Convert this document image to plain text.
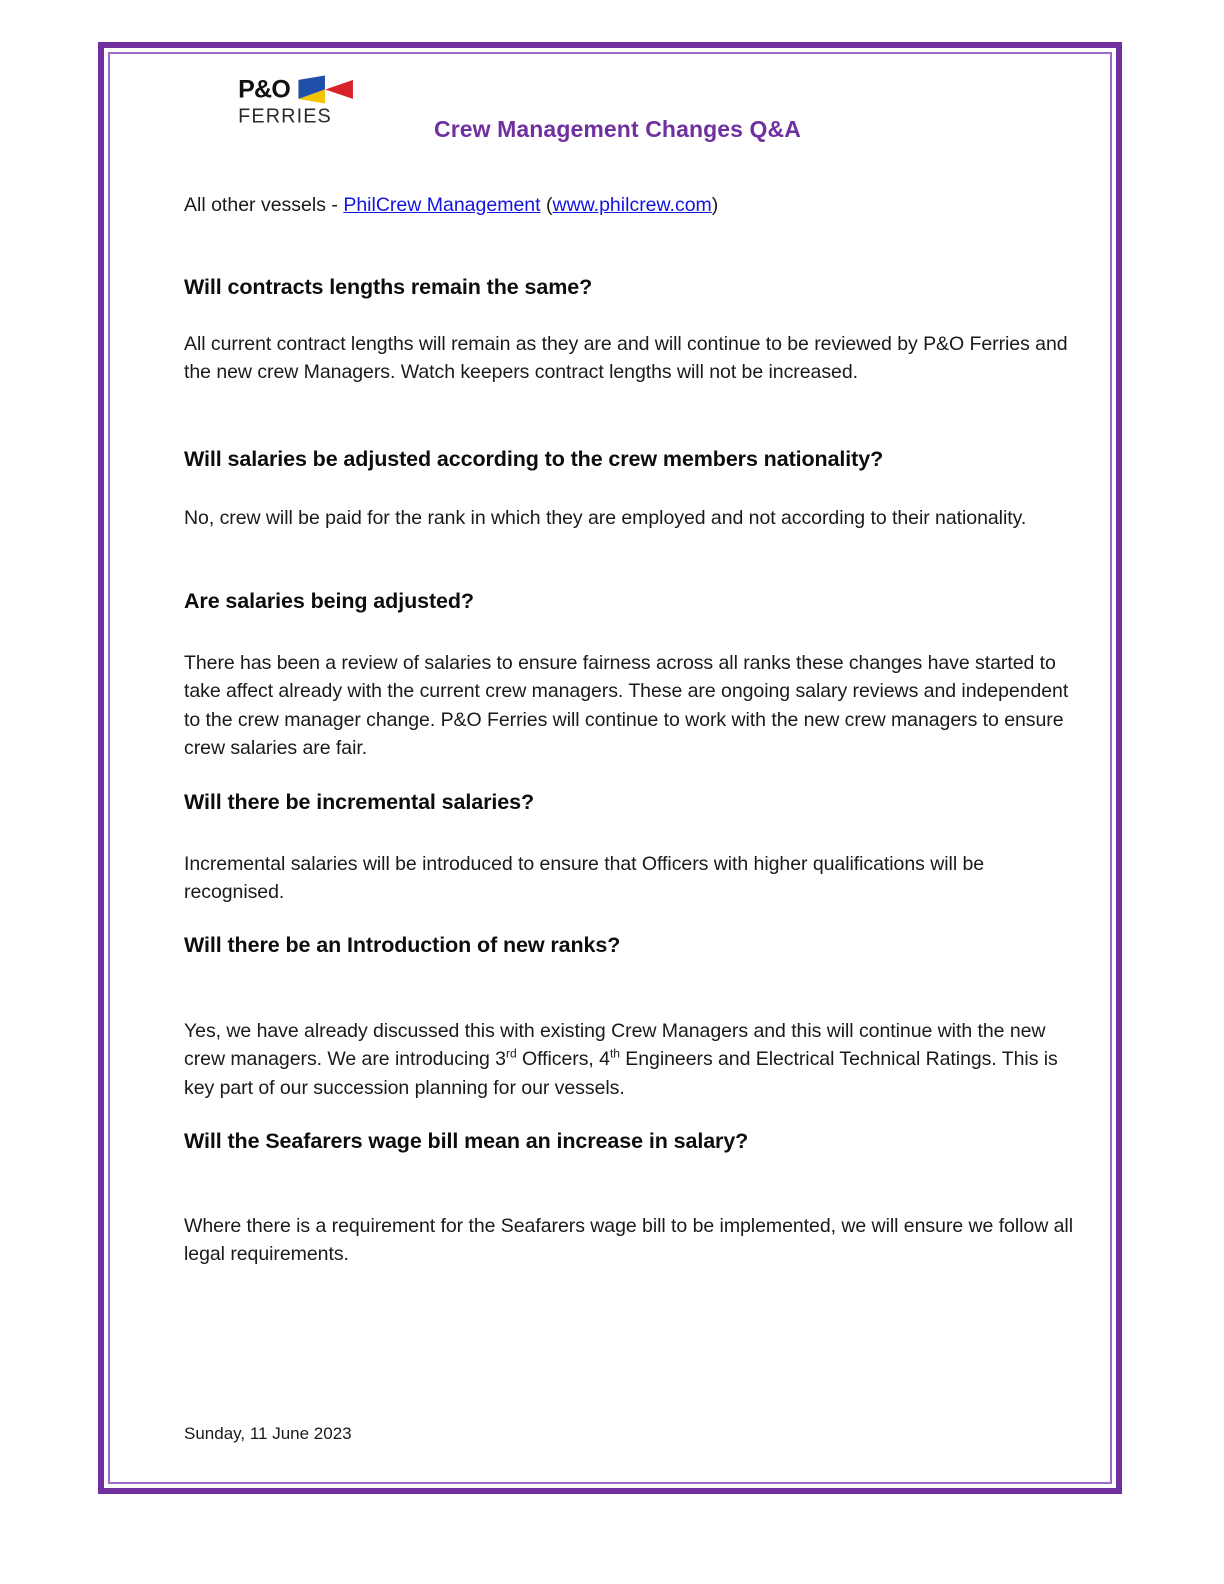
P&O
FERRIES	Crew Management Changes Q&A
All other vessels - PhilCrew Management (www.philcrew.com)
Will contracts lengths remain the same?

All current contract lengths will remain as they are and will continue to be reviewed by P&O Ferries and the new crew Managers. Watch keepers contract lengths will not be increased.

Will salaries be adjusted according to the crew members nationality?

No, crew will be paid for the rank in which they are employed and not according to their nationality.

Are salaries being adjusted?

There has been a review of salaries to ensure fairness across all ranks these changes have started to take affect already with the current crew managers. These are ongoing salary reviews and independent to the crew manager change. P&O Ferries will continue to work with the new crew managers to ensure crew salaries are fair.

Will there be incremental salaries?

Incremental salaries will be introduced to ensure that Officers with higher qualifications will be recognised.

Will there be an Introduction of new ranks?

Yes, we have already discussed this with existing Crew Managers and this will continue with the new crew managers. We are introducing 3rd Officers, 4th Engineers and Electrical Technical Ratings. This is key part of our succession planning for our vessels.

Will the Seafarers wage bill mean an increase in salary?

Where there is a requirement for the Seafarers wage bill to be implemented, we will ensure we follow all legal requirements.

Sunday, 11 June 2023
